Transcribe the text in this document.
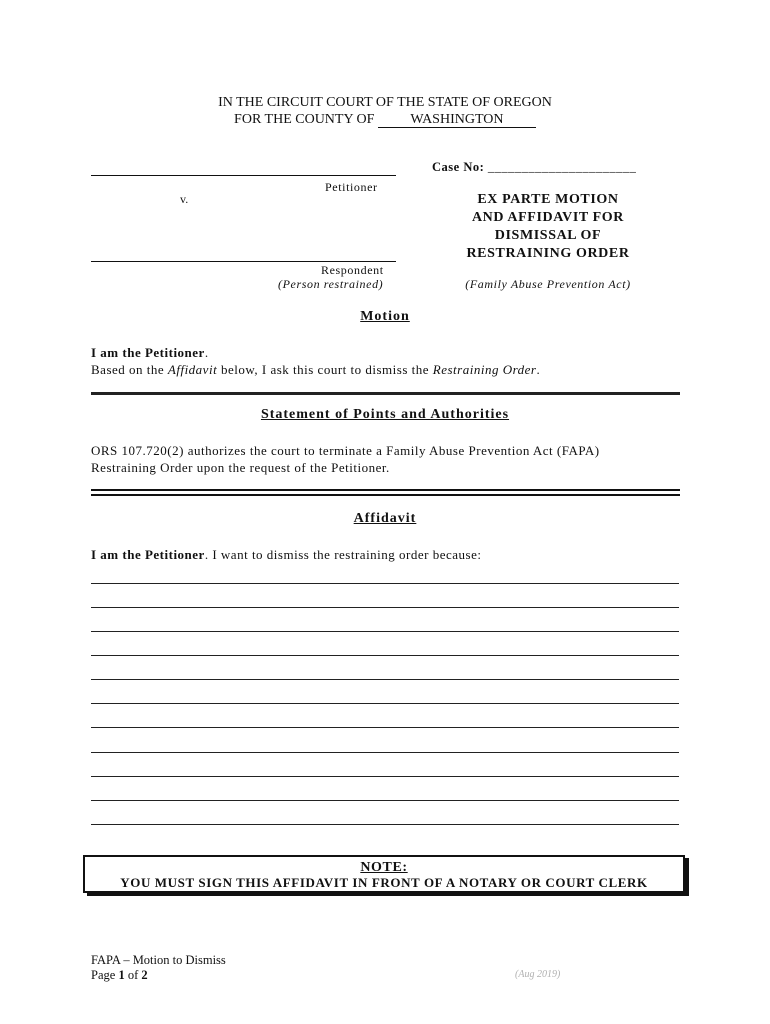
IN THE CIRCUIT COURT OF THE STATE OF OREGON
FOR THE COUNTY OF	WASHINGTON
Petitioner
v.
Respondent
(Person restrained)
Case No: ______________________
EX PARTE MOTION
AND AFFIDAVIT FOR
DISMISSAL OF
RESTRAINING ORDER
(Family Abuse Prevention Act)
Motion
I am the Petitioner.
Based on the Affidavit below, I ask this court to dismiss the Restraining Order.
Statement of Points and Authorities
ORS 107.720(2) authorizes the court to terminate a Family Abuse Prevention Act (FAPA)
Restraining Order upon the request of the Petitioner.
Affidavit
I am the Petitioner. I want to dismiss the restraining order because:
NOTE:
YOU MUST SIGN THIS AFFIDAVIT IN FRONT OF A NOTARY OR COURT CLERK
FAPA – Motion to Dismiss
Page 1 of 2	(Aug 2019)
